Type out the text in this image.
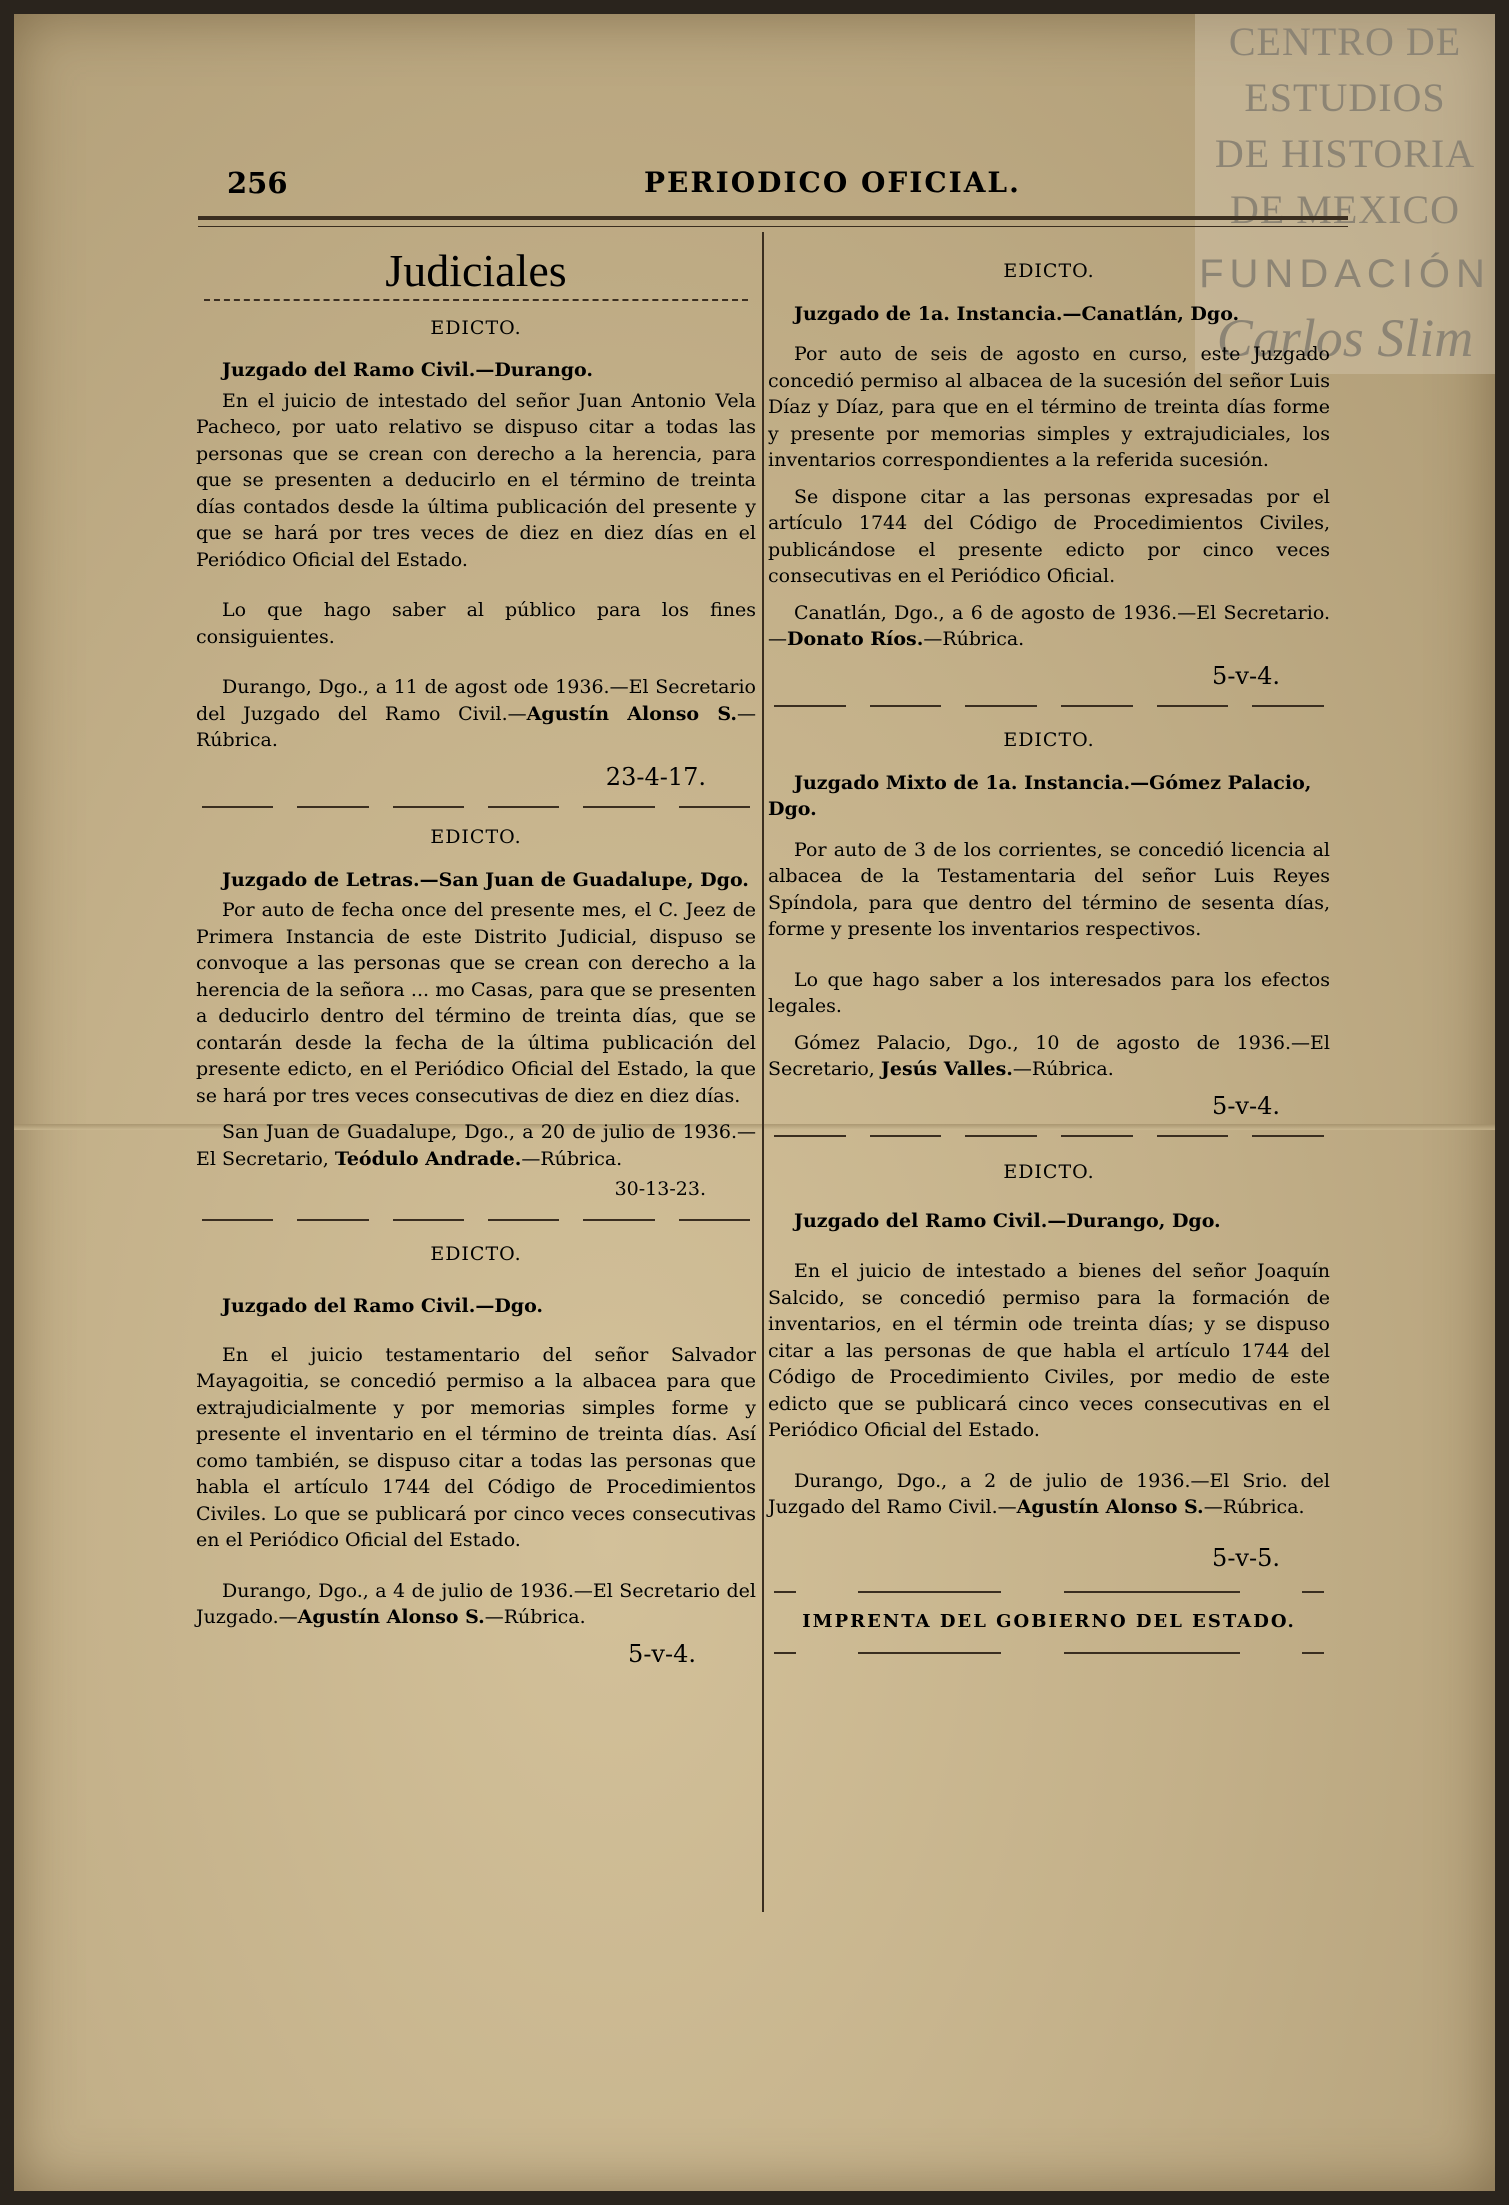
CENTRO DE
ESTUDIOS
DE HISTORIA
DE MEXICO
FUNDACIÓN
Carlos Slim
256	PERIODICO OFICIAL.
Judiciales
EDICTO.
Juzgado del Ramo Civil.—Durango.

En el juicio de intestado del señor Juan Antonio Vela Pacheco, por uato relativo se dispuso citar a todas las personas que se crean con derecho a la herencia, para que se presenten a deducirlo en el término de treinta días contados desde la última publicación del presente y que se hará por tres veces de diez en diez días en el Periódico Oficial del Estado.

Lo que hago saber al público para los fines consiguientes.

Durango, Dgo., a 11 de agost ode 1936.—El Secretario del Juzgado del Ramo Civil.—Agustín Alonso S.—Rúbrica.

23-4-17.
EDICTO.
Juzgado de Letras.—San Juan de Guadalupe, Dgo.

Por auto de fecha once del presente mes, el C. Jeez de Primera Instancia de este Distrito Judicial, dispuso se convoque a las personas que se crean con derecho a la herencia de la señora ... mo Casas, para que se presenten a deducirlo dentro del término de treinta días, que se contarán desde la fecha de la última publicación del presente edicto, en el Periódico Oficial del Estado, la que se hará por tres veces consecutivas de diez en diez días.

San Juan de Guadalupe, Dgo., a 20 de julio de 1936.—El Secretario, Teódulo Andrade.—Rúbrica.

30-13-23.
EDICTO.
Juzgado del Ramo Civil.—Dgo.

En el juicio testamentario del señor Salvador Mayagoitia, se concedió permiso a la albacea para que extrajudicialmente y por memorias simples forme y presente el inventario en el término de treinta días. Así como también, se dispuso citar a todas las personas que habla el artículo 1744 del Código de Procedimientos Civiles. Lo que se publicará por cinco veces consecutivas en el Periódico Oficial del Estado.

Durango, Dgo., a 4 de julio de 1936.—El Secretario del Juzgado.—Agustín Alonso S.—Rúbrica.

5-v-4.
EDICTO.
Juzgado de 1a. Instancia.—Canatlán, Dgo.

Por auto de seis de agosto en curso, este Juzgado concedió permiso al albacea de la sucesión del señor Luis Díaz y Díaz, para que en el término de treinta días forme y presente por memorias simples y extrajudiciales, los inventarios correspondientes a la referida sucesión.

Se dispone citar a las personas expresadas por el artículo 1744 del Código de Procedimientos Civiles, publicándose el presente edicto por cinco veces consecutivas en el Periódico Oficial.

Canatlán, Dgo., a 6 de agosto de 1936.—El Secretario.—Donato Ríos.—Rúbrica.

5-v-4.
EDICTO.
Juzgado Mixto de 1a. Instancia.—Gómez Palacio, Dgo.

Por auto de 3 de los corrientes, se concedió licencia al albacea de la Testamentaria del señor Luis Reyes Spíndola, para que dentro del término de sesenta días, forme y presente los inventarios respectivos.

Lo que hago saber a los interesados para los efectos legales.

Gómez Palacio, Dgo., 10 de agosto de 1936.—El Secretario, Jesús Valles.—Rúbrica.

5-v-4.
EDICTO.
Juzgado del Ramo Civil.—Durango, Dgo.

En el juicio de intestado a bienes del señor Joaquín Salcido, se concedió permiso para la formación de inventarios, en el términ ode treinta días; y se dispuso citar a las personas de que habla el artículo 1744 del Código de Procedimiento Civiles, por medio de este edicto que se publicará cinco veces consecutivas en el Periódico Oficial del Estado.

Durango, Dgo., a 2 de julio de 1936.—El Srio. del Juzgado del Ramo Civil.—Agustín Alonso S.—Rúbrica.

5-v-5.
IMPRENTA DEL GOBIERNO DEL ESTADO.
